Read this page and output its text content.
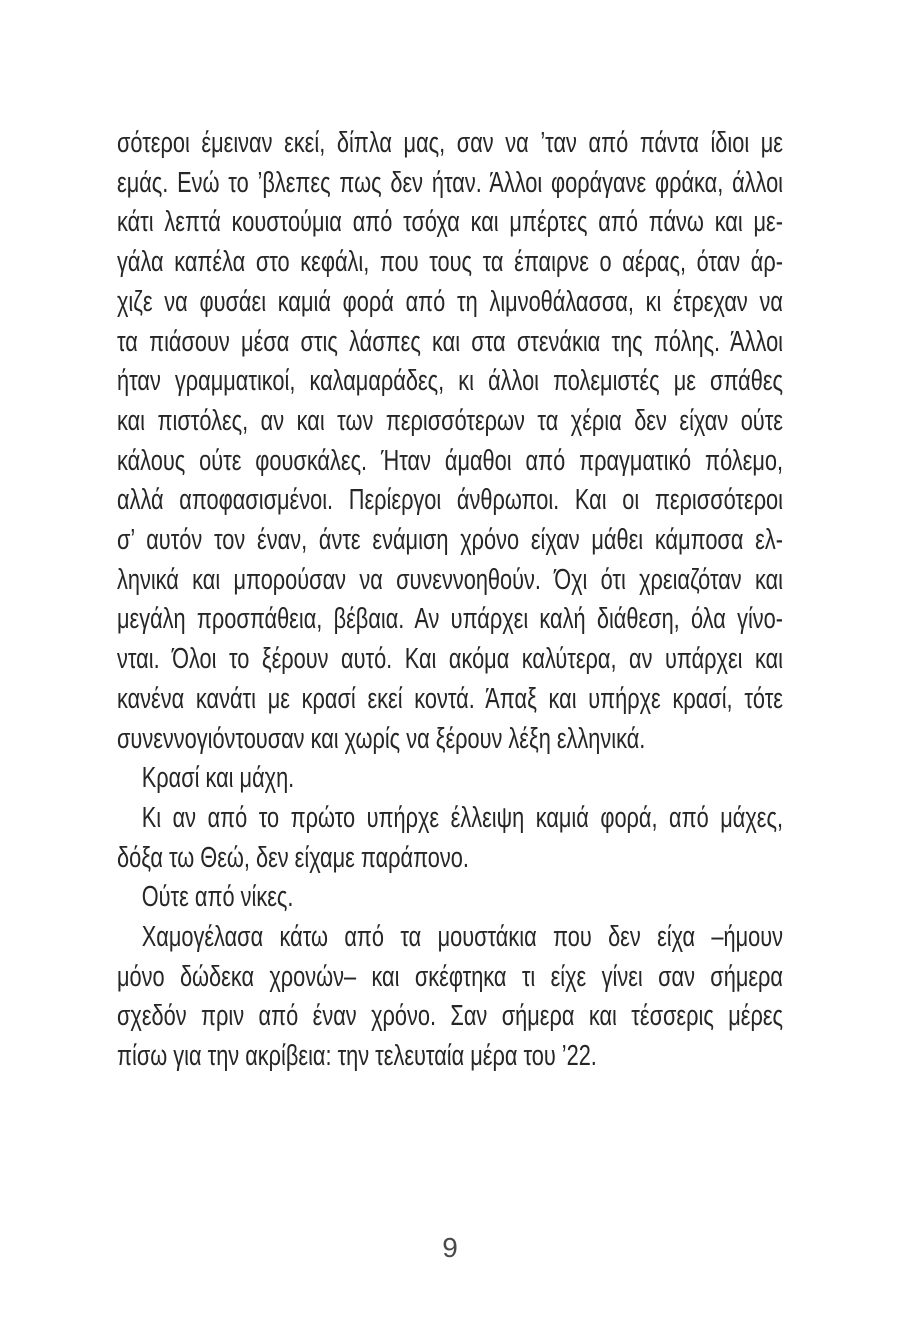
σότεροι έμειναν εκεί, δίπλα μας, σαν να ’ταν από πάντα ίδιοι με
εμάς. Ενώ το ’βλεπες πως δεν ήταν. Άλλοι φοράγανε φράκα, άλλοι
κάτι λεπτά κουστούμια από τσόχα και μπέρτες από πάνω και με-
γάλα καπέλα στο κεφάλι, που τους τα έπαιρνε ο αέρας, όταν άρ-
χιζε να φυσάει καμιά φορά από τη λιμνοθάλασσα, κι έτρεχαν να
τα πιάσουν μέσα στις λάσπες και στα στενάκια της πόλης. Άλλοι
ήταν γραμματικοί, καλαμαράδες, κι άλλοι πολεμιστές με σπάθες
και πιστόλες, αν και των περισσότερων τα χέρια δεν είχαν ούτε
κάλους ούτε φουσκάλες. Ήταν άμαθοι από πραγματικό πόλεμο,
αλλά αποφασισμένοι. Περίεργοι άνθρωποι. Και οι περισσότεροι
σ’ αυτόν τον έναν, άντε ενάμιση χρόνο είχαν μάθει κάμποσα ελ-
ληνικά και μπορούσαν να συνεννοηθούν. Όχι ότι χρειαζόταν και
μεγάλη προσπάθεια, βέβαια. Αν υπάρχει καλή διάθεση, όλα γίνο-
νται. Όλοι το ξέρουν αυτό. Και ακόμα καλύτερα, αν υπάρχει και
κανένα κανάτι με κρασί εκεί κοντά. Άπαξ και υπήρχε κρασί, τότε
συνεννογιόντουσαν και χωρίς να ξέρουν λέξη ελληνικά.
Κρασί και μάχη.
Κι αν από το πρώτο υπήρχε έλλειψη καμιά φορά, από μάχες,
δόξα τω Θεώ, δεν είχαμε παράπονο.
Ούτε από νίκες.
Χαμογέλασα κάτω από τα μουστάκια που δεν είχα –ήμουν
μόνο δώδεκα χρονών– και σκέφτηκα τι είχε γίνει σαν σήμερα
σχεδόν πριν από έναν χρόνο. Σαν σήμερα και τέσσερις μέρες
πίσω για την ακρίβεια: την τελευταία μέρα του ’22.
9
